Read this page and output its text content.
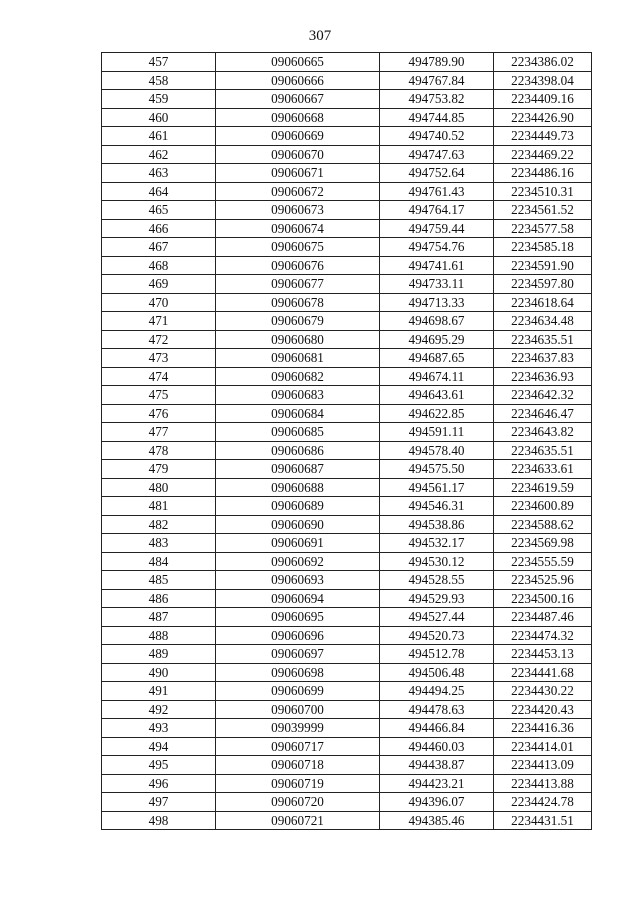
307
457	09060665	494789.90	2234386.02
458	09060666	494767.84	2234398.04
459	09060667	494753.82	2234409.16
460	09060668	494744.85	2234426.90
461	09060669	494740.52	2234449.73
462	09060670	494747.63	2234469.22
463	09060671	494752.64	2234486.16
464	09060672	494761.43	2234510.31
465	09060673	494764.17	2234561.52
466	09060674	494759.44	2234577.58
467	09060675	494754.76	2234585.18
468	09060676	494741.61	2234591.90
469	09060677	494733.11	2234597.80
470	09060678	494713.33	2234618.64
471	09060679	494698.67	2234634.48
472	09060680	494695.29	2234635.51
473	09060681	494687.65	2234637.83
474	09060682	494674.11	2234636.93
475	09060683	494643.61	2234642.32
476	09060684	494622.85	2234646.47
477	09060685	494591.11	2234643.82
478	09060686	494578.40	2234635.51
479	09060687	494575.50	2234633.61
480	09060688	494561.17	2234619.59
481	09060689	494546.31	2234600.89
482	09060690	494538.86	2234588.62
483	09060691	494532.17	2234569.98
484	09060692	494530.12	2234555.59
485	09060693	494528.55	2234525.96
486	09060694	494529.93	2234500.16
487	09060695	494527.44	2234487.46
488	09060696	494520.73	2234474.32
489	09060697	494512.78	2234453.13
490	09060698	494506.48	2234441.68
491	09060699	494494.25	2234430.22
492	09060700	494478.63	2234420.43
493	09039999	494466.84	2234416.36
494	09060717	494460.03	2234414.01
495	09060718	494438.87	2234413.09
496	09060719	494423.21	2234413.88
497	09060720	494396.07	2234424.78
498	09060721	494385.46	2234431.51
